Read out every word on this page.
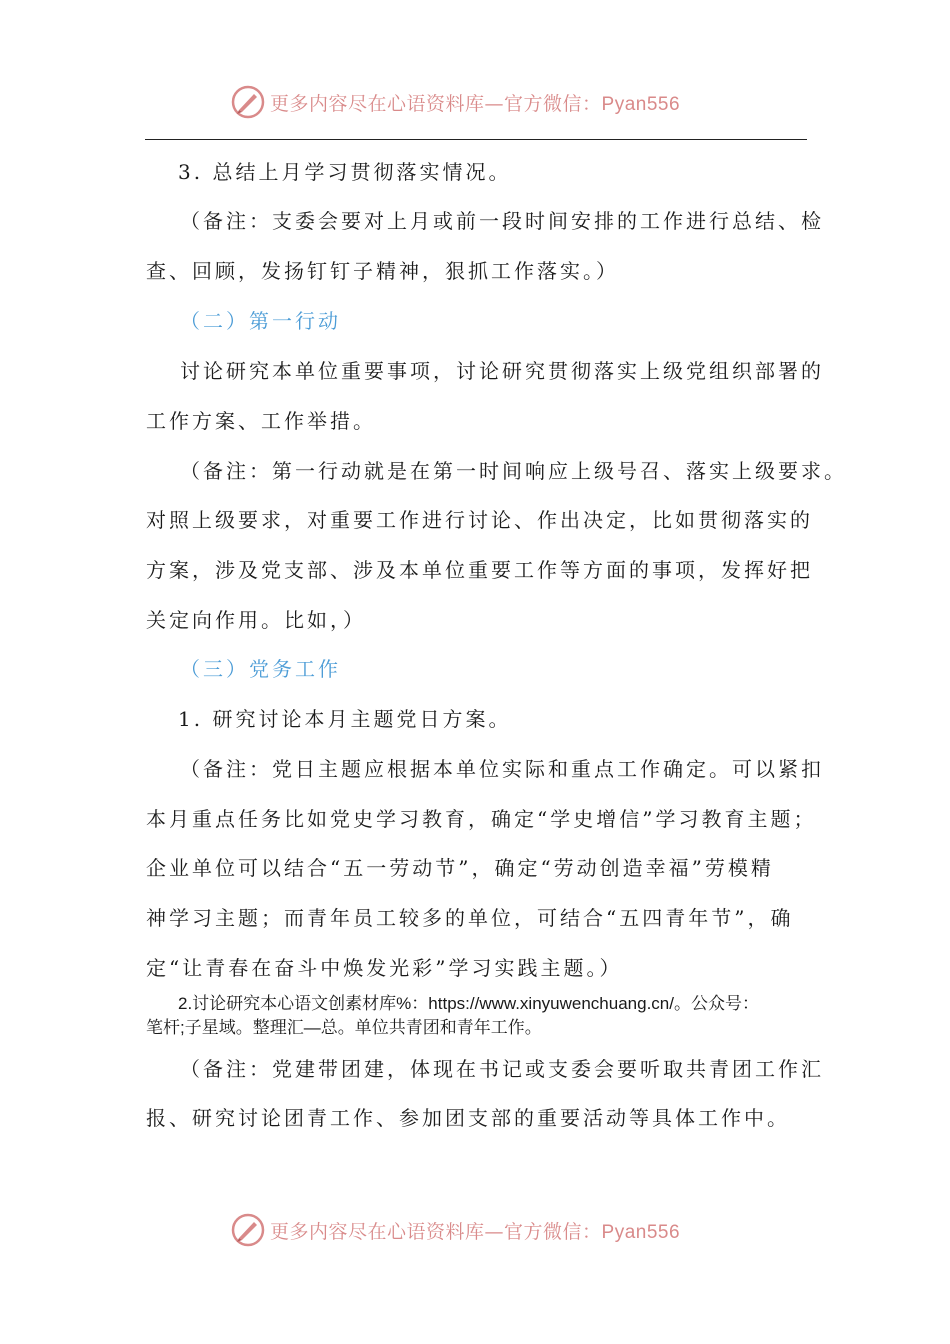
更多内容尽在心语资料库—官方微信：Pyan556
3. 总结上月学习贯彻落实情况。
（备注：支委会要对上月或前一段时间安排的工作进行总结、检
查、回顾，发扬钉钉子精神，狠抓工作落实。）
（二）第一行动
讨论研究本单位重要事项，讨论研究贯彻落实上级党组织部署的
工作方案、工作举措。
（备注：第一行动就是在第一时间响应上级号召、落实上级要求。
对照上级要求，对重要工作进行讨论、作出决定，比如贯彻落实的
方案，涉及党支部、涉及本单位重要工作等方面的事项，发挥好把
关定向作用。比如，）
（三）党务工作
1. 研究讨论本月主题党日方案。
（备注：党日主题应根据本单位实际和重点工作确定。可以紧扣
本月重点任务比如党史学习教育，确定“学史增信”学习教育主题；
企业单位可以结合“五一劳动节”，确定“劳动创造幸福”劳模精
神学习主题；而青年员工较多的单位，可结合“五四青年节”，确
定“让青春在奋斗中焕发光彩”学习实践主题。）
2.讨论研究本心语文创素材库%：https://www.xinyuwenchuang.cn/。公众号：
笔杆;子星域。整理汇—总。单位共青团和青年工作。
（备注：党建带团建，体现在书记或支委会要听取共青团工作汇
报、研究讨论团青工作、参加团支部的重要活动等具体工作中。
更多内容尽在心语资料库—官方微信：Pyan556
